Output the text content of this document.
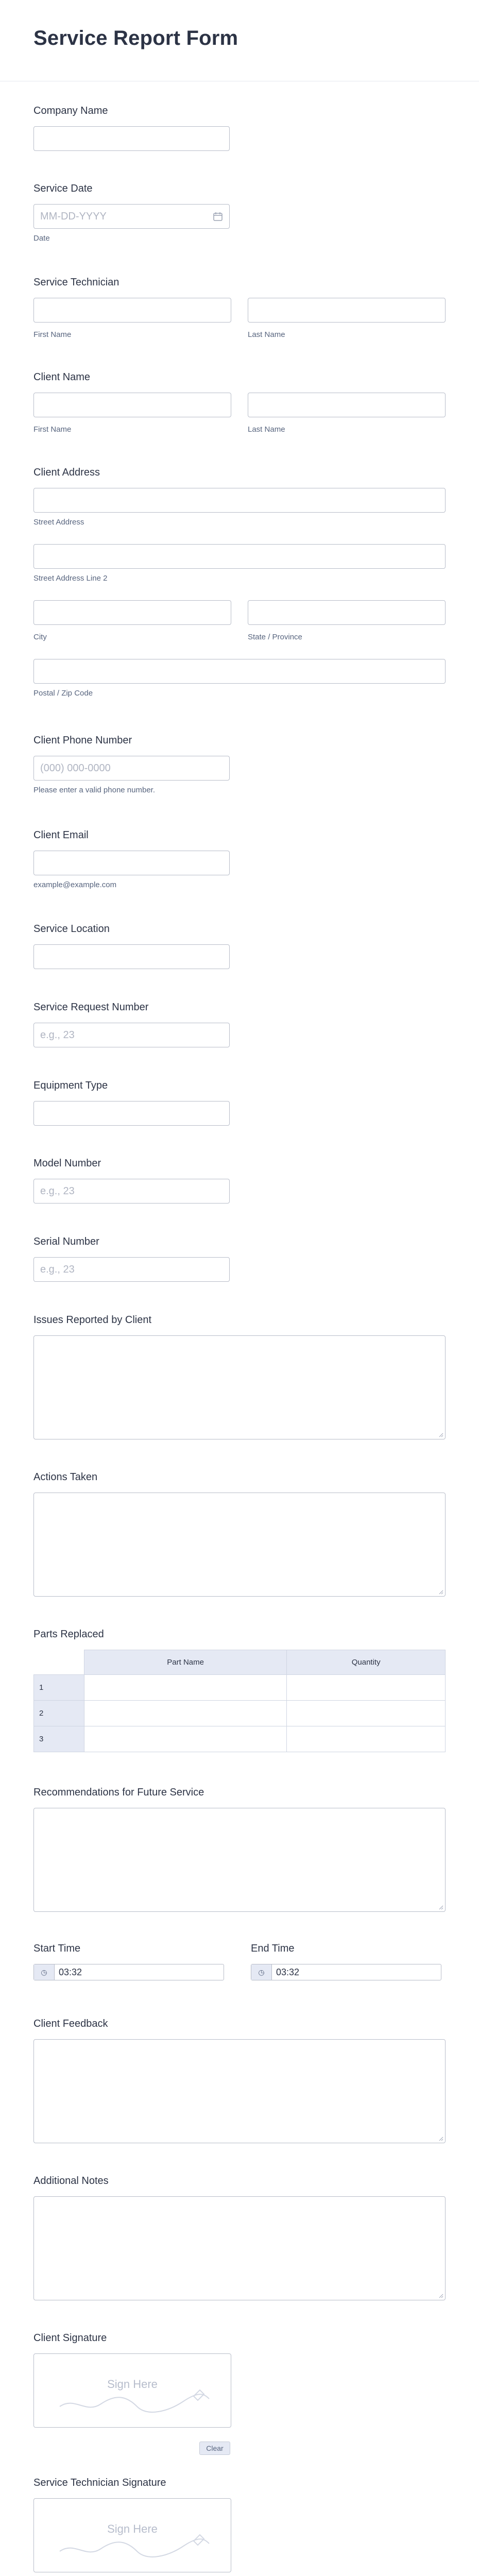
Service Report Form
Company Name
Service Date
MM-DD-YYYY
Date
Service Technician
First Name	Last Name
Client Name
First Name	Last Name
Client Address
Street Address
Street Address Line 2
City	State / Province
Postal / Zip Code
Client Phone Number
(000) 000-0000
Please enter a valid phone number.
Client Email
example@example.com
Service Location
Service Request Number
e.g., 23
Equipment Type
Model Number
e.g., 23
Serial Number
e.g., 23
Issues Reported by Client
Actions Taken
Parts Replaced
	Part Name	Quantity
1		
2		
3		
Recommendations for Future Service
Start Time
◷	03:32
End Time
◷	03:32
Client Feedback
Additional Notes
Client Signature
Sign Here
Clear
Service Technician Signature
Sign Here
